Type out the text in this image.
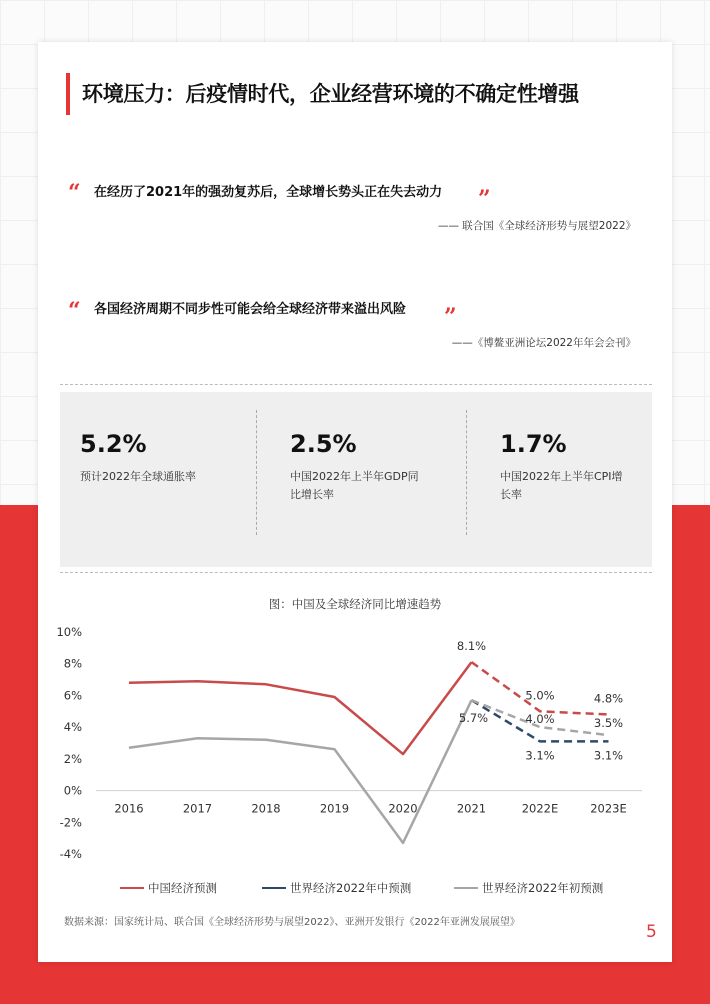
环境压力：后疫情时代，企业经营环境的不确定性增强
“ 在经历了2021年的强劲复苏后，全球增长势头正在失去动力 ”
—— 联合国《全球经济形势与展望2022》
“ 各国经济周期不同步性可能会给全球经济带来溢出风险 ”
——《博鳌亚洲论坛2022年年会会刊》
5.2%
预计2022年全球通胀率
2.5%
中国2022年上半年GDP同比增长率
1.7%
中国2022年上半年CPI增长率
图：中国及全球经济同比增速趋势
10%
8%
6%
4%
2%
0%
-2%
-4%
2016	2017	2018	2019	2020	2021	2022E	2023E
8.1%
5.0%	4.8%
3.1%	3.1%
5.7%	4.0%	3.5%
中国经济预测	世界经济2022年中预测	世界经济2022年初预测
数据来源：国家统计局、联合国《全球经济形势与展望2022》、亚洲开发银行《2022年亚洲发展展望》	5
